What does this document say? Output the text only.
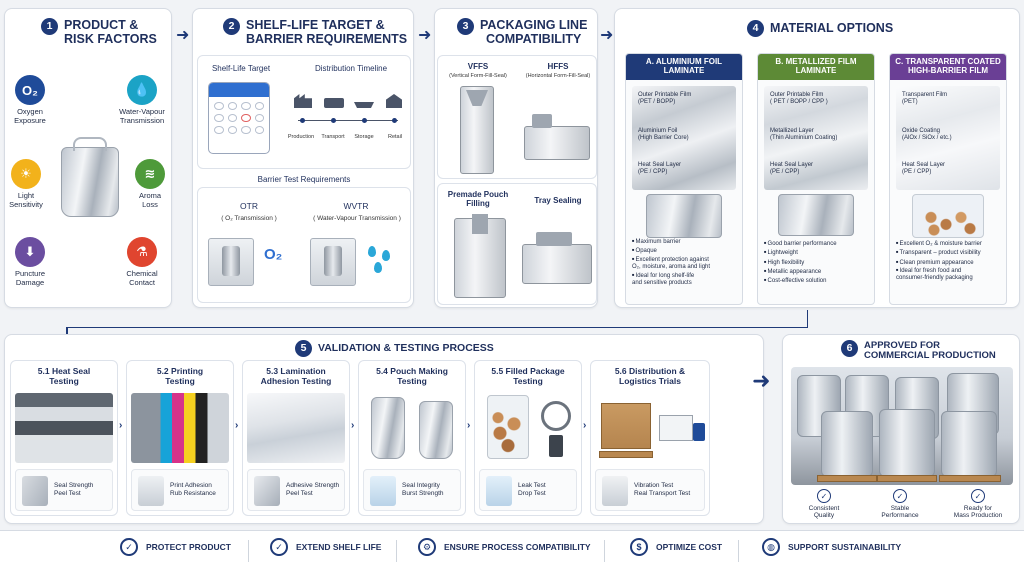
1 PRODUCT &
RISK FACTORS
O₂
Oxygen
Exposure
💧
Water-Vapour
Transmission
☀
Light
Sensitivity
≋
Aroma
Loss
⬇
Puncture
Damage
⚗
Chemical
Contact
➜
2 SHELF-LIFE TARGET &
BARRIER REQUIREMENTS
Shelf-Life Target	Distribution Timeline
Production	Transport	Storage	Retail
Barrier Test Requirements
OTR
( O₂ Transmission )
WVTR
( Water-Vapour Transmission )
O₂
➜
3 PACKAGING LINE
COMPATIBILITY
VFFS
(Vertical Form-Fill-Seal)
HFFS
(Horizontal Form-Fill-Seal)
Premade Pouch
Filling	Tray Sealing
➜	4 MATERIAL OPTIONS
A. ALUMINIUM FOIL
LAMINATE
Outer Printable Film
(PET / BOPP)
Aluminium Foil
(High Barrier Core)
Heat Seal Layer
(PE / CPP)
■ Maximum barrier
■ Opaque
■ Excellent protection against
O₂, moisture, aroma and light
■ Ideal for long shelf-life
and sensitive products
B. METALLIZED FILM
LAMINATE
Outer Printable Film
( PET / BOPP / CPP )
Metallized Layer
(Thin Aluminium Coating)
Heat Seal Layer
(PE / CPP)
■ Good barrier performance
■ Lightweight
■ High flexibility
■ Metallic appearance
■ Cost-effective solution
C. TRANSPARENT COATED
HIGH-BARRIER FILM
Transparent Film
(PET)
Oxide Coating
(AlOx / SiOx / etc.)
Heat Seal Layer
(PE / CPP)
■ Excellent O₂ & moisture barrier
■ Transparent – product visibility
■ Clean premium appearance
■ Ideal for fresh food and
consumer-friendly packaging
5	VALIDATION & TESTING PROCESS
5.1 Heat Seal
Testing
Seal Strength
Peel Test
›
5.2 Printing
Testing
Print Adhesion
Rub Resistance
›
5.3 Lamination
Adhesion Testing
Adhesive Strength
Peel Test
›
5.4 Pouch Making
Testing
Seal Integrity
Burst Strength
›
5.5 Filled Package
Testing
Leak Test
Drop Test
›
5.6 Distribution &
Logistics Trials
Vibration Test
Real Transport Test
➜
6	APPROVED FOR
COMMERCIAL PRODUCTION
✓
Consistent
Quality
✓
Stable
Performance
✓
Ready for
Mass Production
✓	PROTECT PRODUCT	✓	EXTEND SHELF LIFE	⚙	ENSURE PROCESS COMPATIBILITY	$	OPTIMIZE COST	◍	SUPPORT SUSTAINABILITY
